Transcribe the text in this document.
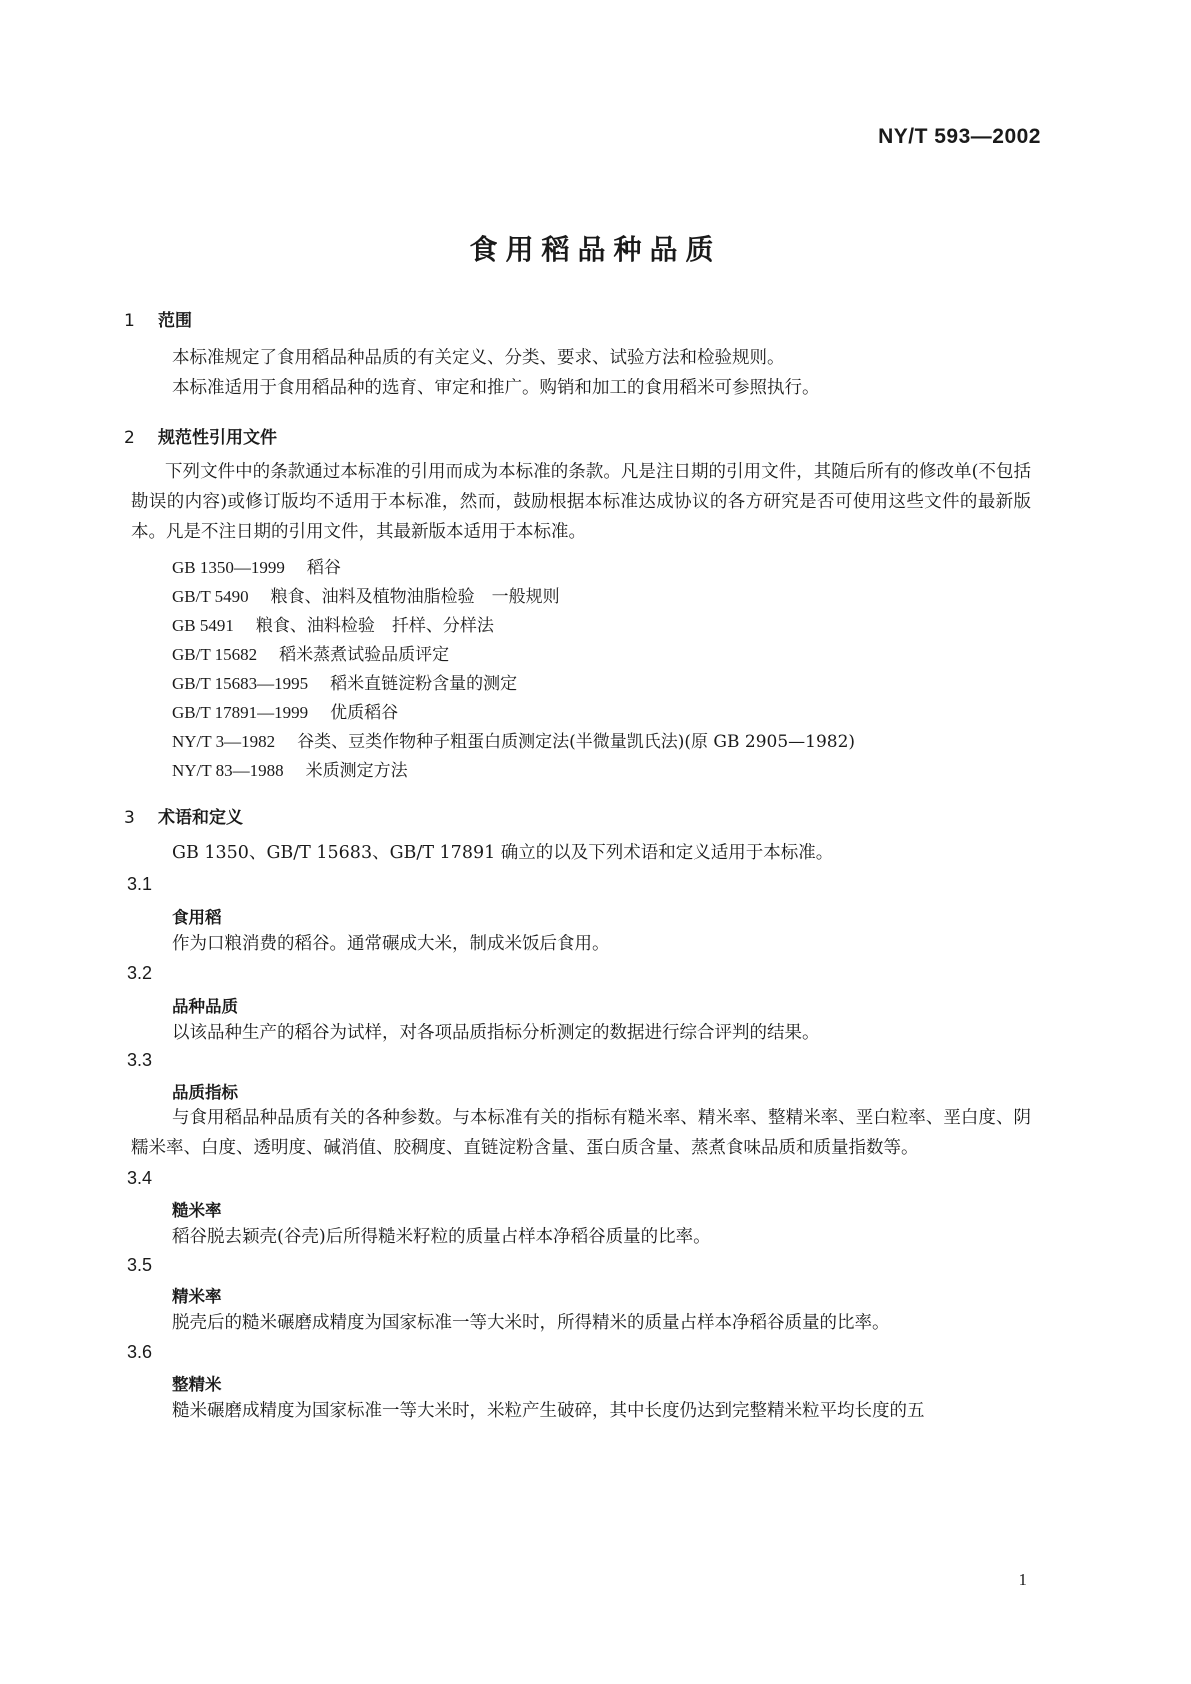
NY/T 593—2002
食用稻品种品质
1 范围
本标准规定了食用稻品种品质的有关定义、分类、要求、试验方法和检验规则。
本标准适用于食用稻品种的选育、审定和推广。购销和加工的食用稻米可参照执行。
2 规范性引用文件
下列文件中的条款通过本标准的引用而成为本标准的条款。凡是注日期的引用文件，其随后所有的修改单(不包括勘误的内容)或修订版均不适用于本标准，然而，鼓励根据本标准达成协议的各方研究是否可使用这些文件的最新版本。凡是不注日期的引用文件，其最新版本适用于本标准。
GB 1350—1999 稻谷
GB/T 5490 粮食、油料及植物油脂检验　一般规则
GB 5491 粮食、油料检验　扦样、分样法
GB/T 15682 稻米蒸煮试验品质评定
GB/T 15683—1995 稻米直链淀粉含量的测定
GB/T 17891—1999 优质稻谷
NY/T 3—1982 谷类、豆类作物种子粗蛋白质测定法(半微量凯氏法)(原 GB 2905—1982)
NY/T 83—1988 米质测定方法
3 术语和定义
GB 1350、GB/T 15683、GB/T 17891 确立的以及下列术语和定义适用于本标准。
3.1
食用稻
作为口粮消费的稻谷。通常碾成大米，制成米饭后食用。
3.2
品种品质
以该品种生产的稻谷为试样，对各项品质指标分析测定的数据进行综合评判的结果。
3.3
品质指标
与食用稻品种品质有关的各种参数。与本标准有关的指标有糙米率、精米率、整精米率、垩白粒率、垩白度、阴糯米率、白度、透明度、碱消值、胶稠度、直链淀粉含量、蛋白质含量、蒸煮食味品质和质量指数等。
3.4
糙米率
稻谷脱去颖壳(谷壳)后所得糙米籽粒的质量占样本净稻谷质量的比率。
3.5
精米率
脱壳后的糙米碾磨成精度为国家标准一等大米时，所得精米的质量占样本净稻谷质量的比率。
3.6
整精米
糙米碾磨成精度为国家标准一等大米时，米粒产生破碎，其中长度仍达到完整精米粒平均长度的五
1
